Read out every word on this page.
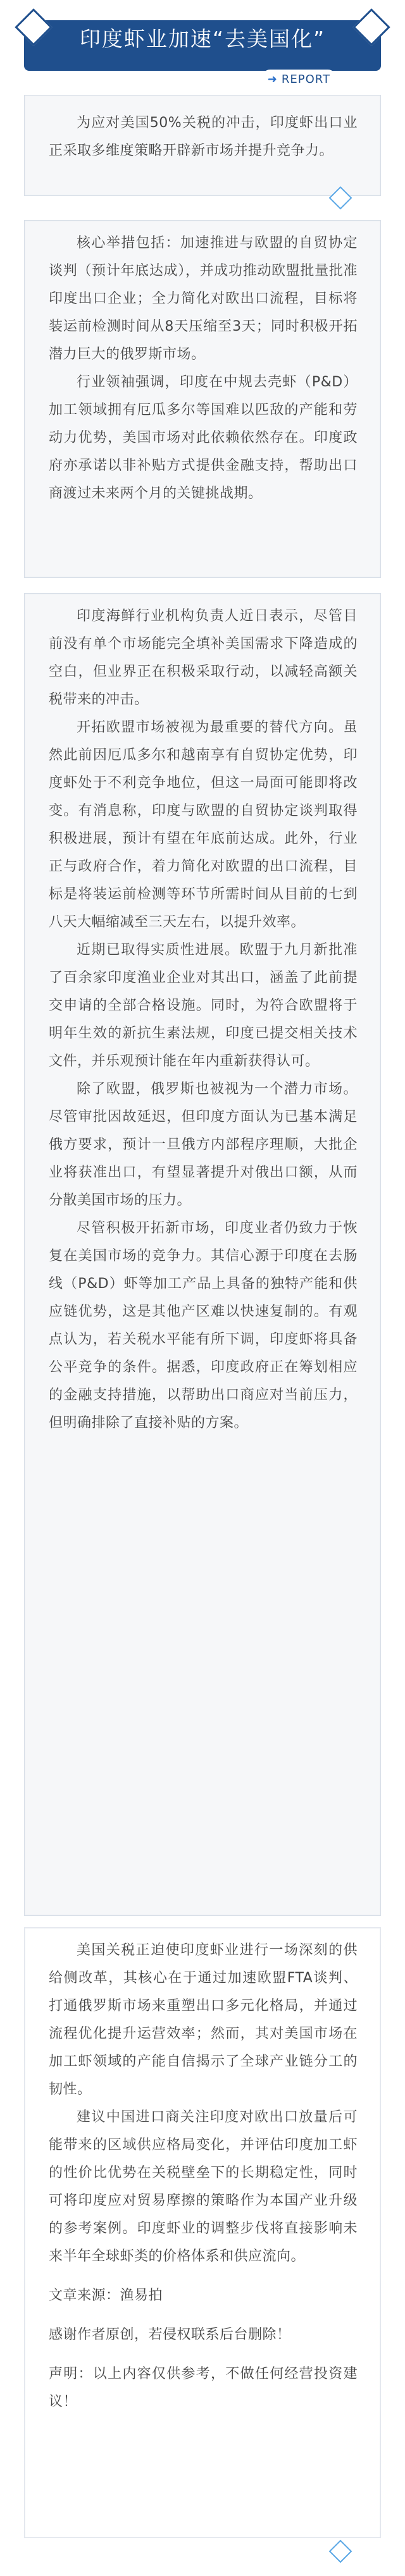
印度虾业加速“去美国化”
➜ REPORT

为应对美国50%关税的冲击，印度虾出口业正采取多维度策略开辟新市场并提升竞争力。

核心举措包括：加速推进与欧盟的自贸协定谈判（预计年底达成），并成功推动欧盟批量批准印度出口企业；全力简化对欧出口流程，目标将装运前检测时间从8天压缩至3天；同时积极开拓潜力巨大的俄罗斯市场。

行业领袖强调，印度在中规去壳虾（P&D）加工领域拥有厄瓜多尔等国难以匹敌的产能和劳动力优势，美国市场对此依赖依然存在。印度政府亦承诺以非补贴方式提供金融支持，帮助出口商渡过未来两个月的关键挑战期。

印度海鲜行业机构负责人近日表示，尽管目前没有单个市场能完全填补美国需求下降造成的空白，但业界正在积极采取行动，以减轻高额关税带来的冲击。

开拓欧盟市场被视为最重要的替代方向。虽然此前因厄瓜多尔和越南享有自贸协定优势，印度虾处于不利竞争地位，但这一局面可能即将改变。有消息称，印度与欧盟的自贸协定谈判取得积极进展，预计有望在年底前达成。此外，行业正与政府合作，着力简化对欧盟的出口流程，目标是将装运前检测等环节所需时间从目前的七到八天大幅缩减至三天左右，以提升效率。

近期已取得实质性进展。欧盟于九月新批准了百余家印度渔业企业对其出口，涵盖了此前提交申请的全部合格设施。同时，为符合欧盟将于明年生效的新抗生素法规，印度已提交相关技术文件，并乐观预计能在年内重新获得认可。

除了欧盟，俄罗斯也被视为一个潜力市场。尽管审批因故延迟，但印度方面认为已基本满足俄方要求，预计一旦俄方内部程序理顺，大批企业将获准出口，有望显著提升对俄出口额，从而分散美国市场的压力。

尽管积极开拓新市场，印度业者仍致力于恢复在美国市场的竞争力。其信心源于印度在去肠线（P&D）虾等加工产品上具备的独特产能和供应链优势，这是其他产区难以快速复制的。有观点认为，若关税水平能有所下调，印度虾将具备公平竞争的条件。据悉，印度政府正在筹划相应的金融支持措施，以帮助出口商应对当前压力，但明确排除了直接补贴的方案。

美国关税正迫使印度虾业进行一场深刻的供给侧改革，其核心在于通过加速欧盟FTA谈判、打通俄罗斯市场来重塑出口多元化格局，并通过流程优化提升运营效率；然而，其对美国市场在加工虾领域的产能自信揭示了全球产业链分工的韧性。

建议中国进口商关注印度对欧出口放量后可能带来的区域供应格局变化，并评估印度加工虾的性价比优势在关税壁垒下的长期稳定性，同时可将印度应对贸易摩擦的策略作为本国产业升级的参考案例。印度虾业的调整步伐将直接影响未来半年全球虾类的价格体系和供应流向。

文章来源：渔易拍

感谢作者原创，若侵权联系后台删除！

声明：以上内容仅供参考，不做任何经营投资建议！
